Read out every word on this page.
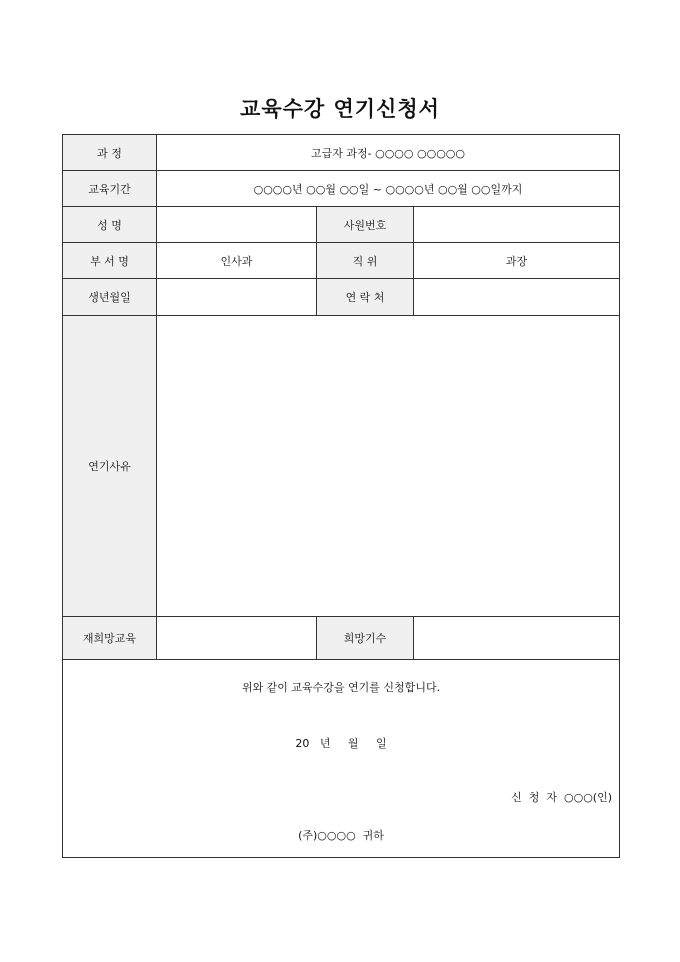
교육수강 연기신청서
과 정	고급자 과정- ○○○○ ○○○○○		
교육기간	○○○○년 ○○월 ○○일 ~ ○○○○년 ○○월 ○○일까지		
성 명		사원번호	
부 서 명	인사과	직 위	과장
생년월일		연 락 처	
연기사유			
재희망교육		희망기수	

위와 같이 교육수강을 연기를 신청합니다.
20   년     월     일
신  청  자  ○○○(인)
(주)○○○○  귀하			
